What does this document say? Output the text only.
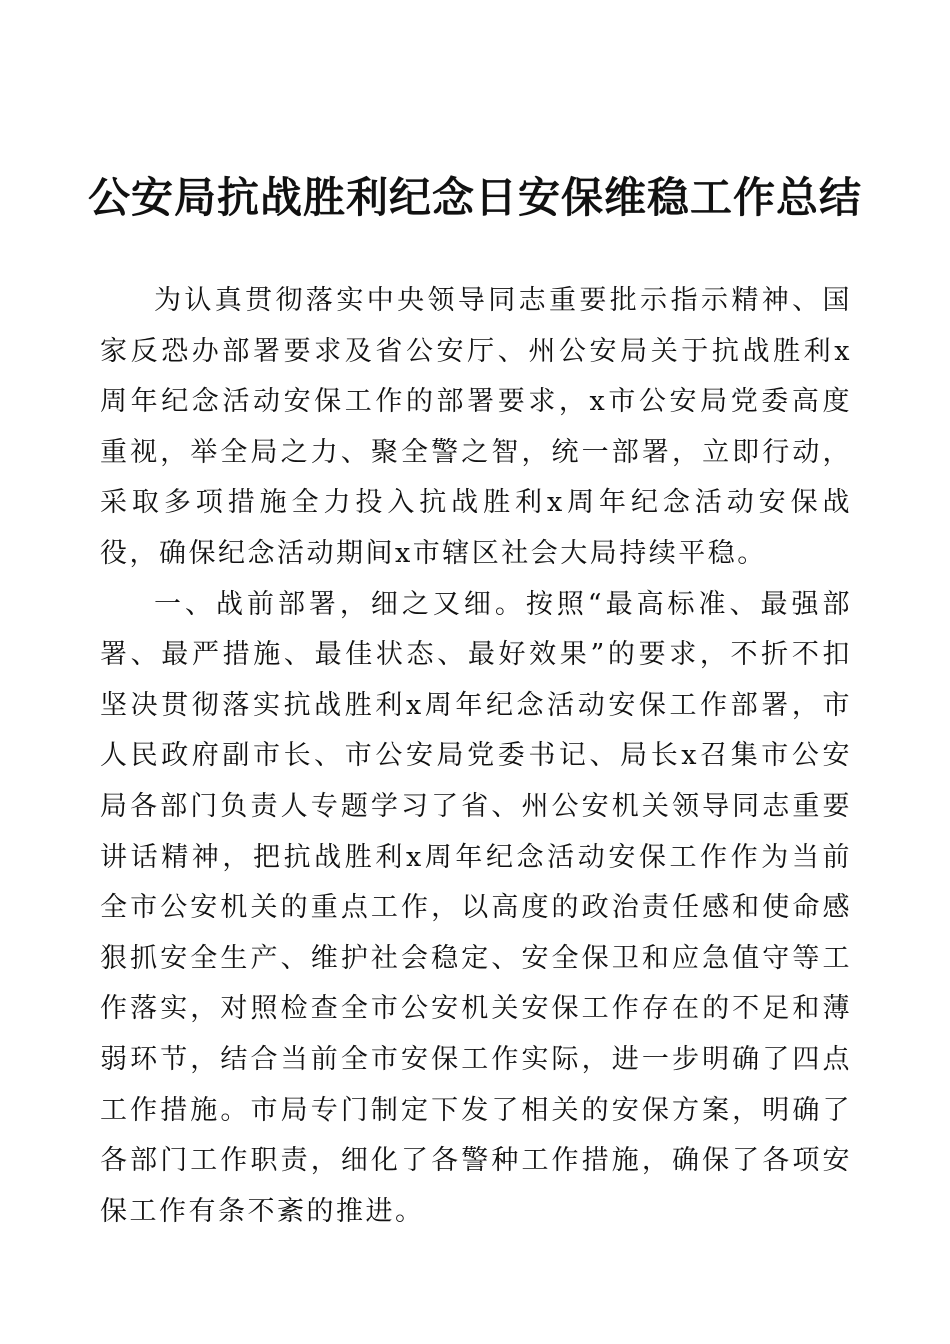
公安局抗战胜利纪念日安保维稳工作总结

为认真贯彻落实中央领导同志重要批示指示精神、国家反恐办部署要求及省公安厅、州公安局关于抗战胜利x周年纪念活动安保工作的部署要求，x市公安局党委高度重视，举全局之力、聚全警之智，统一部署，立即行动，采取多项措施全力投入抗战胜利x周年纪念活动安保战役，确保纪念活动期间x市辖区社会大局持续平稳。

一、战前部署，细之又细。按照“最高标准、最强部署、最严措施、最佳状态、最好效果”的要求，不折不扣坚决贯彻落实抗战胜利x周年纪念活动安保工作部署，市人民政府副市长、市公安局党委书记、局长x召集市公安局各部门负责人专题学习了省、州公安机关领导同志重要讲话精神，把抗战胜利x周年纪念活动安保工作作为当前全市公安机关的重点工作，以高度的政治责任感和使命感狠抓安全生产、维护社会稳定、安全保卫和应急值守等工作落实，对照检查全市公安机关安保工作存在的不足和薄弱环节，结合当前全市安保工作实际，进一步明确了四点工作措施。市局专门制定下发了相关的安保方案，明确了各部门工作职责，细化了各警种工作措施，确保了各项安保工作有条不紊的推进。
